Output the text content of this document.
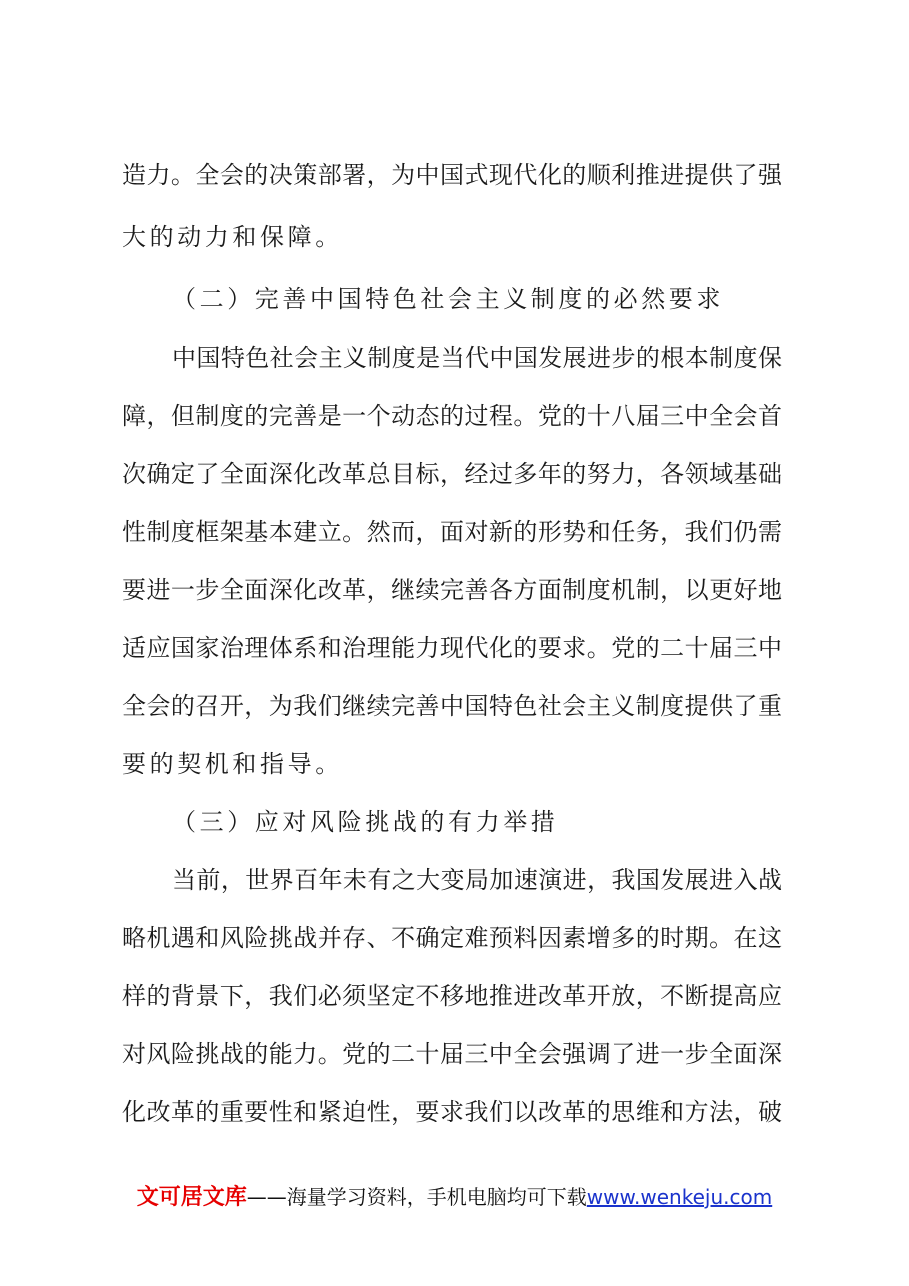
造力。全会的决策部署，为中国式现代化的顺利推进提供了强

大的动力和保障。

（二）完善中国特色社会主义制度的必然要求

中国特色社会主义制度是当代中国发展进步的根本制度保

障，但制度的完善是一个动态的过程。党的十八届三中全会首

次确定了全面深化改革总目标，经过多年的努力，各领域基础

性制度框架基本建立。然而，面对新的形势和任务，我们仍需

要进一步全面深化改革，继续完善各方面制度机制，以更好地

适应国家治理体系和治理能力现代化的要求。党的二十届三中

全会的召开，为我们继续完善中国特色社会主义制度提供了重

要的契机和指导。

（三）应对风险挑战的有力举措

当前，世界百年未有之大变局加速演进，我国发展进入战

略机遇和风险挑战并存、不确定难预料因素增多的时期。在这

样的背景下，我们必须坚定不移地推进改革开放，不断提高应

对风险挑战的能力。党的二十届三中全会强调了进一步全面深

化改革的重要性和紧迫性，要求我们以改革的思维和方法，破

文可居文库——海量学习资料，手机电脑均可下载www.wenkeju.com
